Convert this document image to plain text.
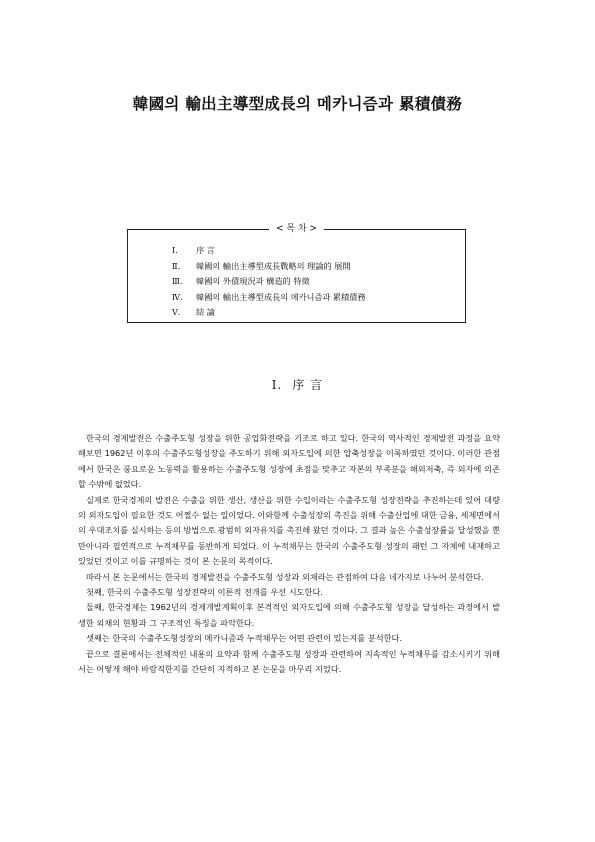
韓國의 輸出主導型成長의 메카니즘과 累積債務
< 목 차 >
Ⅰ. 序 言
Ⅱ. 韓國의 輸出主導型成長戰略의 理論的 展開
Ⅲ. 韓國의 外債現況과 構造的 特徵
Ⅳ. 韓國의 輸出主導型成長의 메카니즘과 累積債務
Ⅴ. 結 論
Ⅰ. 序 言

한국의 경제발전은 수출주도형 성장을 위한 공업화전략을 기조로 하고 있다. 한국의 역사적인 경제발전 과정을 요약해보면 1962년 이후의 수출주도형성장을 주도하기 위해 외자도입에 의한 압축성장을 이룩하였던 것이다. 이러한 관점에서 한국은 풍요로운 노동력을 활용하는 수출주도형 성장에 초점을 맞추고 자본의 부족분을 해외저축, 즉 외자에 의존할 수밖에 없었다.

실제로 한국경제의 발전은 수출을 위한 생산, 생산을 위한 수입이라는 수출주도형 성장전략을 추진하는데 있어 대량의 외자도입이 필요한 것도 어쩔수 없는 일이었다. 이와함께 수출성장의 촉진을 위해 수출산업에 대한 금융, 세제면에서의 우대조치를 실시하는 등의 방법으로 광범히 외자유치를 촉진해 왔던 것이다. 그 결과 높은 수출성장률을 달성했을 뿐만아니라 필연적으로 누적채무를 동반하게 되었다. 이 누적채무는 한국의 수출주도형 성장의 패턴 그 자체에 내재하고 있었던 것이고 이를 규명하는 것이 본 논문의 목적이다.

따라서 본 논문에서는 한국의 경제발전을 수출주도형 성장과 외채라는 관점하여 다음 네가지로 나누어 분석한다.

첫째, 한국의 수출주도형 성장전략의 이론적 전개를 우선 시도한다.

둘째, 한국경제는 1962년의 경제개발계획이후 본격적인 외자도입에 의해 수출주도형 성장을 달성하는 과정에서 발생한 외채의 현황과 그 구조적인 특징을 파악한다.

셋째는 한국의 수출주도형성장의 메카니즘과 누적채무는 어떤 관련이 있는지를 분석한다.

끝으로 결론에서는 전체적인 내용의 요약과 함께 수출주도형 성장과 관련하여 지속적인 누적채무를 감소시키기 위해서는 어떻게 해야 바람직한지를 간단히 지적하고 본 논문을 마무리 지었다.
